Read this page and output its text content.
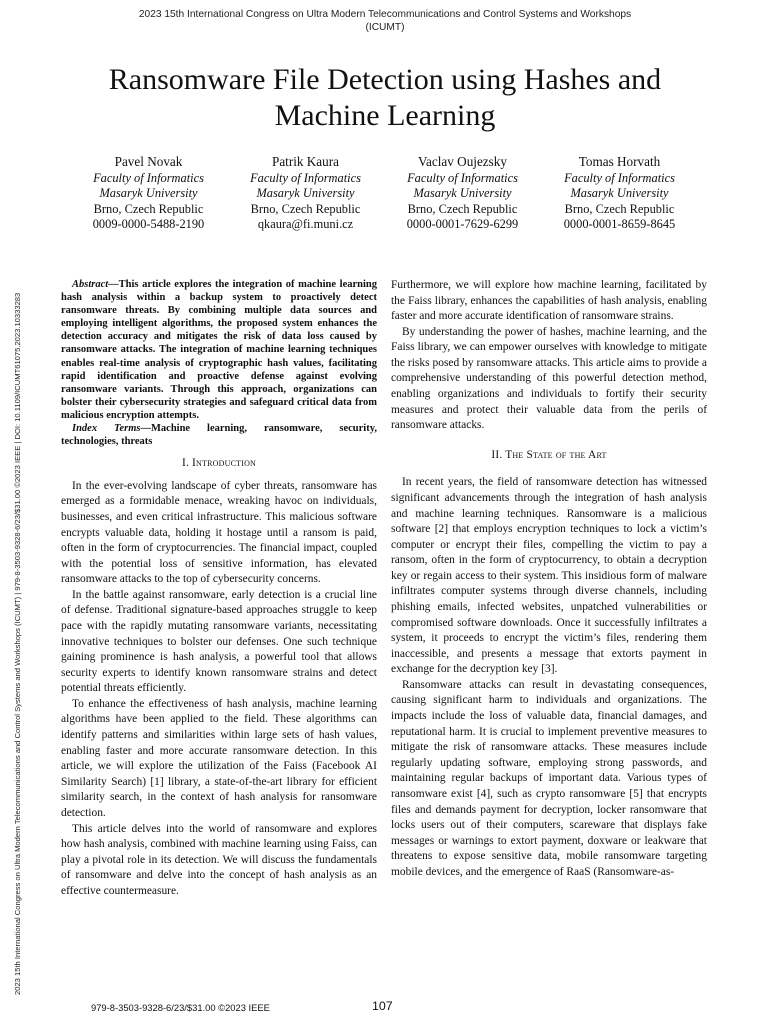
2023 15th International Congress on Ultra Modern Telecommunications and Control Systems and Workshops
(ICUMT)
2023 15th International Congress on Ultra Modern Telecommunications and Control Systems and Workshops (ICUMT) | 979-8-3503-9328-6/23/$31.00 ©2023 IEEE | DOI: 10.1109/ICUMT61075.2023.10333283
Ransomware File Detection using Hashes and Machine Learning
Pavel Novak
Faculty of Informatics
Masaryk University
Brno, Czech Republic
0009-0000-5488-2190
Patrik Kaura
Faculty of Informatics
Masaryk University
Brno, Czech Republic
qkaura@fi.muni.cz
Vaclav Oujezsky
Faculty of Informatics
Masaryk University
Brno, Czech Republic
0000-0001-7629-6299
Tomas Horvath
Faculty of Informatics
Masaryk University
Brno, Czech Republic
0000-0001-8659-8645

Abstract—This article explores the integration of machine learning hash analysis within a backup system to proactively detect ransomware threats. By combining multiple data sources and employing intelligent algorithms, the proposed system enhances the detection accuracy and mitigates the risk of data loss caused by ransomware attacks. The integration of machine learning techniques enables real-time analysis of cryptographic hash values, facilitating rapid identification and proactive defense against evolving ransomware variants. Through this approach, organizations can bolster their cybersecurity strategies and safeguard critical data from malicious encryption attempts.

Index Terms—Machine learning, ransomware, security, technologies, threats

I. Introduction

In the ever-evolving landscape of cyber threats, ransomware has emerged as a formidable menace, wreaking havoc on individuals, businesses, and even critical infrastructure. This malicious software encrypts valuable data, holding it hostage until a ransom is paid, often in the form of cryptocurrencies. The financial impact, coupled with the potential loss of sensitive information, has elevated ransomware attacks to the top of cybersecurity concerns.

In the battle against ransomware, early detection is a crucial line of defense. Traditional signature-based approaches struggle to keep pace with the rapidly mutating ransomware variants, necessitating innovative techniques to bolster our defenses. One such technique gaining prominence is hash analysis, a powerful tool that allows security experts to identify known ransomware strains and detect potential threats efficiently.

To enhance the effectiveness of hash analysis, machine learning algorithms have been applied to the field. These algorithms can identify patterns and similarities within large sets of hash values, enabling faster and more accurate ransomware detection. In this article, we will explore the utilization of the Faiss (Facebook AI Similarity Search) [1] library, a state-of-the-art library for efficient similarity search, in the context of hash analysis for ransomware detection.

This article delves into the world of ransomware and explores how hash analysis, combined with machine learning using Faiss, can play a pivotal role in its detection. We will discuss the fundamentals of ransomware and delve into the concept of hash analysis as an effective countermeasure.

Furthermore, we will explore how machine learning, facilitated by the Faiss library, enhances the capabilities of hash analysis, enabling faster and more accurate identification of ransomware strains.

By understanding the power of hashes, machine learning, and the Faiss library, we can empower ourselves with knowledge to mitigate the risks posed by ransomware attacks. This article aims to provide a comprehensive understanding of this powerful detection method, enabling organizations and individuals to fortify their security measures and protect their valuable data from the perils of ransomware attacks.

II. The State of the Art

In recent years, the field of ransomware detection has witnessed significant advancements through the integration of hash analysis and machine learning techniques. Ransomware is a malicious software [2] that employs encryption techniques to lock a victim’s computer or encrypt their files, compelling the victim to pay a ransom, often in the form of cryptocurrency, to obtain a decryption key or regain access to their system. This insidious form of malware infiltrates computer systems through diverse channels, including phishing emails, infected websites, unpatched vulnerabilities or compromised software downloads. Once it successfully infiltrates a system, it proceeds to encrypt the victim’s files, rendering them inaccessible, and presents a message that extorts payment in exchange for the decryption key [3].

Ransomware attacks can result in devastating consequences, causing significant harm to individuals and organizations. The impacts include the loss of valuable data, financial damages, and reputational harm. It is crucial to implement preventive measures to mitigate the risk of ransomware attacks. These measures include regularly updating software, employing strong passwords, and maintaining regular backups of important data. Various types of ransomware exist [4], such as crypto ransomware [5] that encrypts files and demands payment for decryption, locker ransomware that locks users out of their computers, scareware that displays fake messages or warnings to extort payment, doxware or leakware that threatens to expose sensitive data, mobile ransomware targeting mobile devices, and the emergence of RaaS (Ransomware-as-

979-8-3503-9328-6/23/$31.00 ©2023 IEEE	107
